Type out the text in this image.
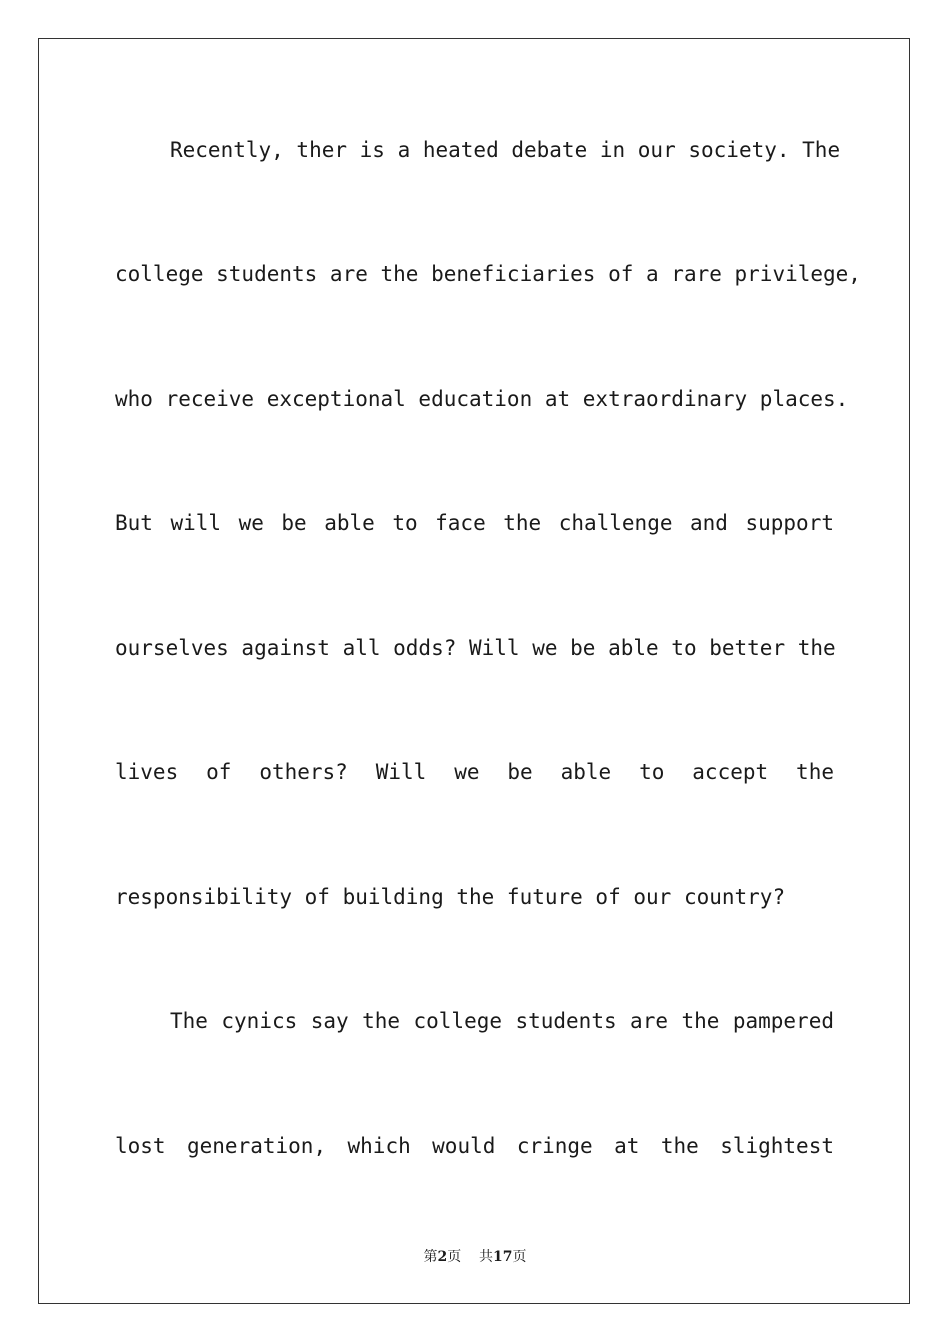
Recently, ther is a heated debate in our society. The
college students are the beneficiaries of a rare privilege,
who receive exceptional education at extraordinary places.
But will we be able to face the challenge and support
ourselves against all odds? Will we be able to better the
lives of others? Will we be able to accept the
responsibility of building the future of our country?
The cynics say the college students are the pampered
lost generation, which would cringe at the slightest
第2页 共17页
